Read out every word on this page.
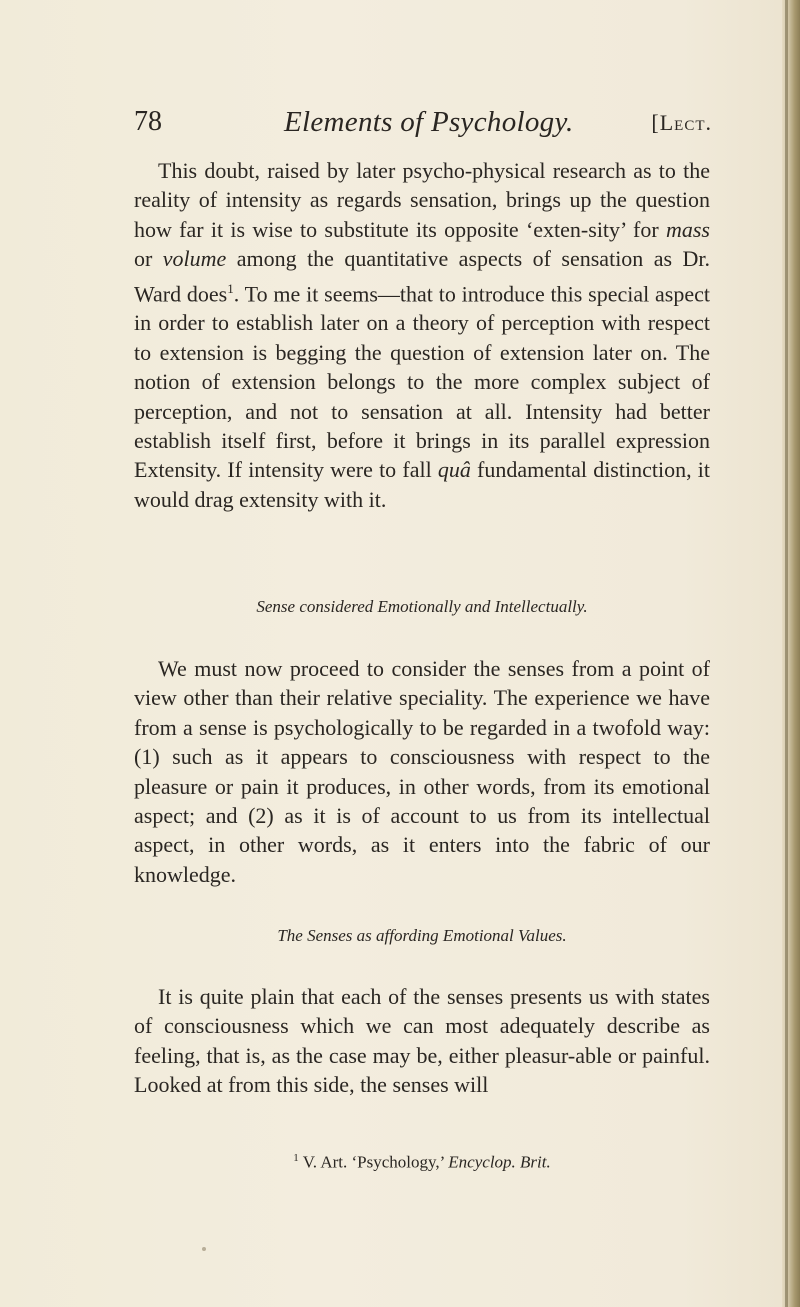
78	Elements of Psychology.	[Lect.

This doubt, raised by later psycho-physical research as to the reality of intensity as regards sensation, brings up the question how far it is wise to substitute its opposite ‘exten-sity’ for mass or volume among the quantitative aspects of sensation as Dr. Ward does$^1$. To me it seems—that to introduce this special aspect in order to establish later on a theory of perception with respect to extension is begging the question of extension later on. The notion of extension belongs to the more complex subject of perception, and not to sensation at all. Intensity had better establish itself first, before it brings in its parallel expression Extensity. If intensity were to fall quâ fundamental distinction, it would drag extensity with it.

Sense considered Emotionally and Intellectually.

We must now proceed to consider the senses from a point of view other than their relative speciality. The experience we have from a sense is psychologically to be regarded in a twofold way: (1) such as it appears to consciousness with respect to the pleasure or pain it produces, in other words, from its emotional aspect; and (2) as it is of account to us from its intellectual aspect, in other words, as it enters into the fabric of our knowledge.

The Senses as affording Emotional Values.

It is quite plain that each of the senses presents us with states of consciousness which we can most adequately describe as feeling, that is, as the case may be, either pleasur-able or painful. Looked at from this side, the senses will

$^1$ V. Art. ‘Psychology,’ Encyclop. Brit.
